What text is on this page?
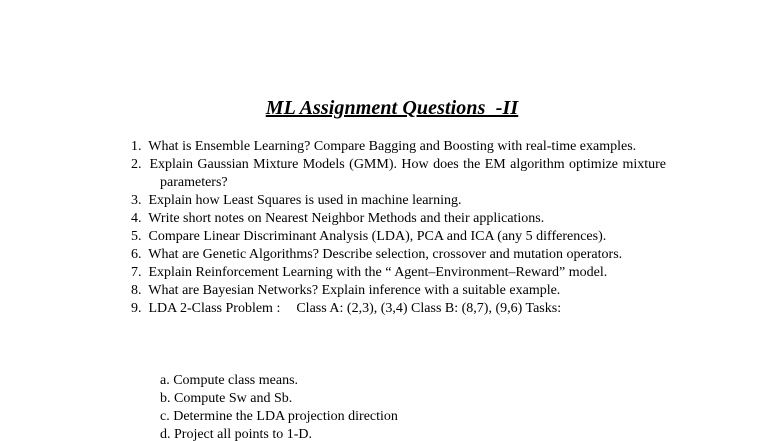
ML Assignment Questions  -II
1. What is Ensemble Learning? Compare Bagging and Boosting with real-time examples.
2. Explain Gaussian Mixture Models (GMM). How does the EM algorithm optimize mixture parameters?
3. Explain how Least Squares is used in machine learning.
4. Write short notes on Nearest Neighbor Methods and their applications.
5. Compare Linear Discriminant Analysis (LDA), PCA and ICA (any 5 differences).
6. What are Genetic Algorithms? Describe selection, crossover and mutation operators.
7. Explain Reinforcement Learning with the “ Agent–Environment–Reward” model.
8. What are Bayesian Networks? Explain inference with a suitable example.
9. LDA 2-Class Problem : Class A: (2,3), (3,4) Class B: (8,7), (9,6) Tasks:
a. Compute class means.
b. Compute Sw and Sb.
c. Determine the LDA projection direction
d. Project all points to 1-D.
